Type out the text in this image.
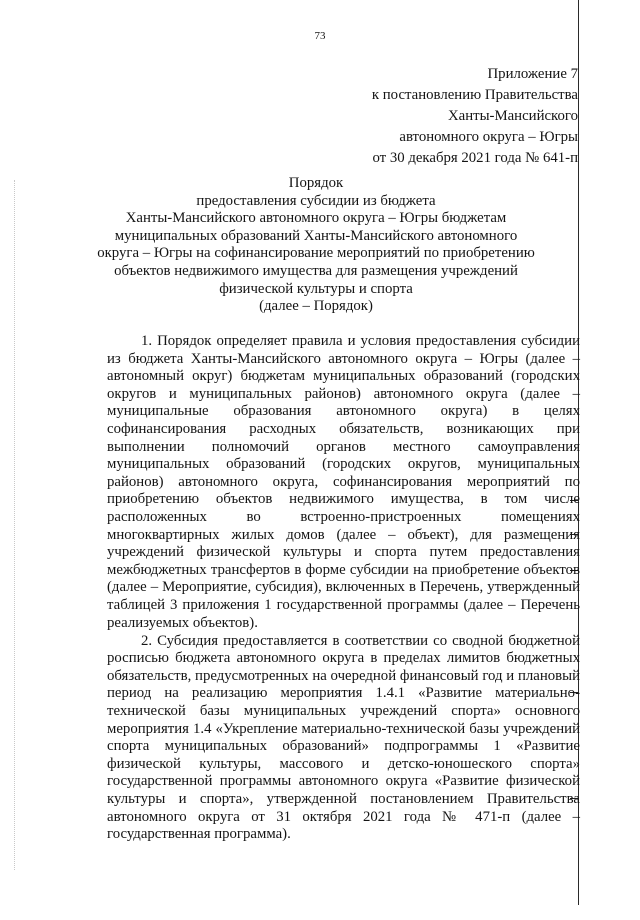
73
Приложение 7
к постановлению Правительства
Ханты-Мансийского
автономного округа – Югры
от 30 декабря 2021 года № 641-п
Порядок
предоставления субсидии из бюджета
Ханты-Мансийского автономного округа – Югры бюджетам
муниципальных образований Ханты-Мансийского автономного
округа – Югры на софинансирование мероприятий по приобретению
объектов недвижимого имущества для размещения учреждений
физической культуры и спорта
(далее – Порядок)

1. Порядок определяет правила и условия предоставления субсидии из бюджета Ханты-Мансийского автономного округа – Югры (далее – автономный округ) бюджетам муниципальных образований (городских округов и муниципальных районов) автономного округа (далее – муниципальные образования автономного округа) в целях софинансирования расходных обязательств, возникающих при выполнении полномочий органов местного самоуправления муниципальных образований (городских округов, муниципальных районов) автономного округа, софинансирования мероприятий по приобретению объектов недвижимого имущества, в том числе расположенных во встроенно-пристроенных помещениях многоквартирных жилых домов (далее – объект), для размещения учреждений физической культуры и спорта путем предоставления межбюджетных трансфертов в форме субсидии на приобретение объектов (далее – Мероприятие, субсидия), включенных в Перечень, утвержденный таблицей 3 приложения 1 государственной программы (далее – Перечень реализуемых объектов).

2. Субсидия предоставляется в соответствии со сводной бюджетной росписью бюджета автономного округа в пределах лимитов бюджетных обязательств, предусмотренных на очередной финансовый год и плановый период на реализацию мероприятия 1.4.1 «Развитие материально-технической базы муниципальных учреждений спорта» основного мероприятия 1.4 «Укрепление материально-технической базы учреждений спорта муниципальных образований» подпрограммы 1 «Развитие физической культуры, массового и детско-юношеского спорта» государственной программы автономного округа «Развитие физической культуры и спорта», утвержденной постановлением Правительства автономного округа от 31 октября 2021 года № 471-п (далее – государственная программа).
